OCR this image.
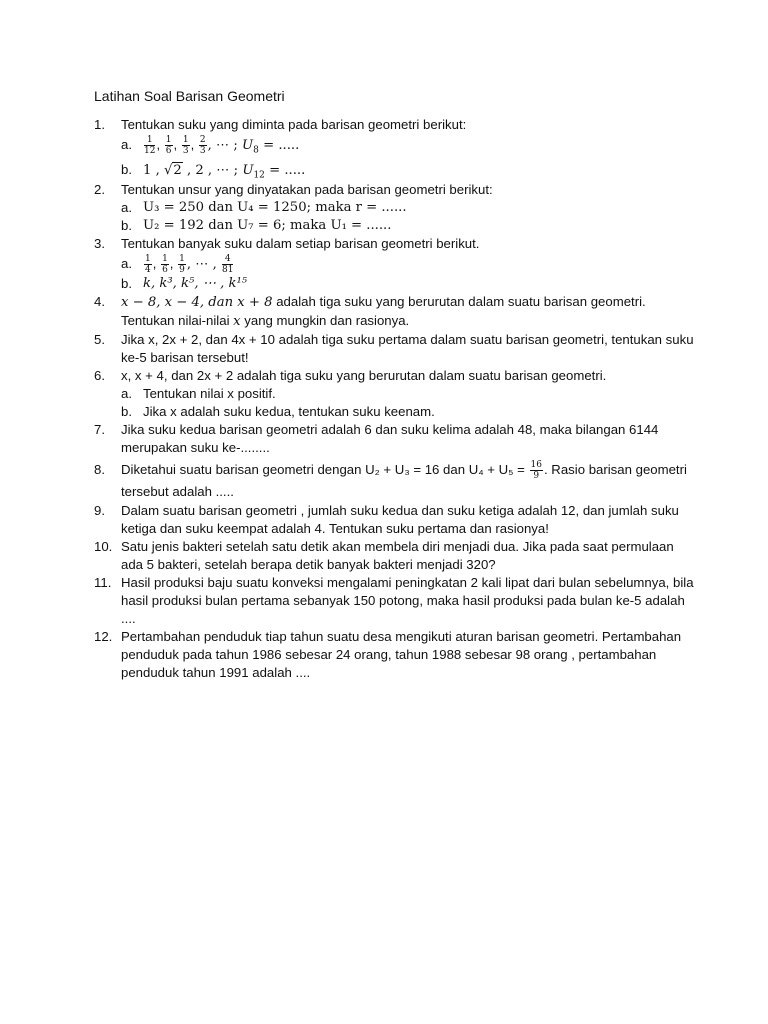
Latihan Soal Barisan Geometri
1.	Tentukan suku yang diminta pada barisan geometri berikut:
a.	$\frac{1}{12}$ , $\frac{1}{6}$ , $\frac{1}{3}$ , $\frac{2}{3}$ , ⋯ ; $U_8$ = .....
b. 1 , √2 , 2 , ⋯ ; $U_{12}$ = .....
2.	Tentukan unsur yang dinyatakan pada barisan geometri berikut:
a. U₃ = 250 dan U₄ = 1250; maka r = ......
b. U₂ = 192 dan U₇ = 6; maka U₁ = ......
3.	Tentukan banyak suku dalam setiap barisan geometri berikut.
a.	$\frac{1}{4}$ , $\frac{1}{6}$ , $\frac{1}{9}$ , ⋯ , $\frac{4}{81}$
b. k, k³, k⁵, ⋯ , k¹⁵
4.	x − 8, x − 4, dan x + 8 adalah tiga suku yang berurutan dalam suatu barisan geometri. Tentukan nilai-nilai x yang mungkin dan rasionya.
5.	Jika x, 2x + 2, dan 4x + 10 adalah tiga suku pertama dalam suatu barisan geometri, tentukan suku ke-5 barisan tersebut!
6.	x, x + 4, dan 2x + 2 adalah tiga suku yang berurutan dalam suatu barisan geometri.
a. Tentukan nilai x positif.
b. Jika x adalah suku kedua, tentukan suku keenam.
7.	Jika suku kedua barisan geometri adalah 6 dan suku kelima adalah 48, maka bilangan 6144 merupakan suku ke-........
8.	Diketahui suatu barisan geometri dengan U₂ + U₃ = 16 dan $U_4 + U_5 = \frac{16}{9}$ . Rasio barisan geometri tersebut adalah .....
9.	Dalam suatu barisan geometri , jumlah suku kedua dan suku ketiga adalah 12, dan jumlah suku ketiga dan suku keempat adalah 4. Tentukan suku pertama dan rasionya!
10. Satu jenis bakteri setelah satu detik akan membela diri menjadi dua. Jika pada saat permulaan ada 5 bakteri, setelah berapa detik banyak bakteri menjadi 320?
11. Hasil produksi baju suatu konveksi mengalami peningkatan 2 kali lipat dari bulan sebelumnya, bila hasil produksi bulan pertama sebanyak 150 potong, maka hasil produksi pada bulan ke-5 adalah ....
12. Pertambahan penduduk tiap tahun suatu desa mengikuti aturan barisan geometri. Pertambahan penduduk pada tahun 1986 sebesar 24 orang, tahun 1988 sebesar 98 orang , pertambahan penduduk tahun 1991 adalah ....
